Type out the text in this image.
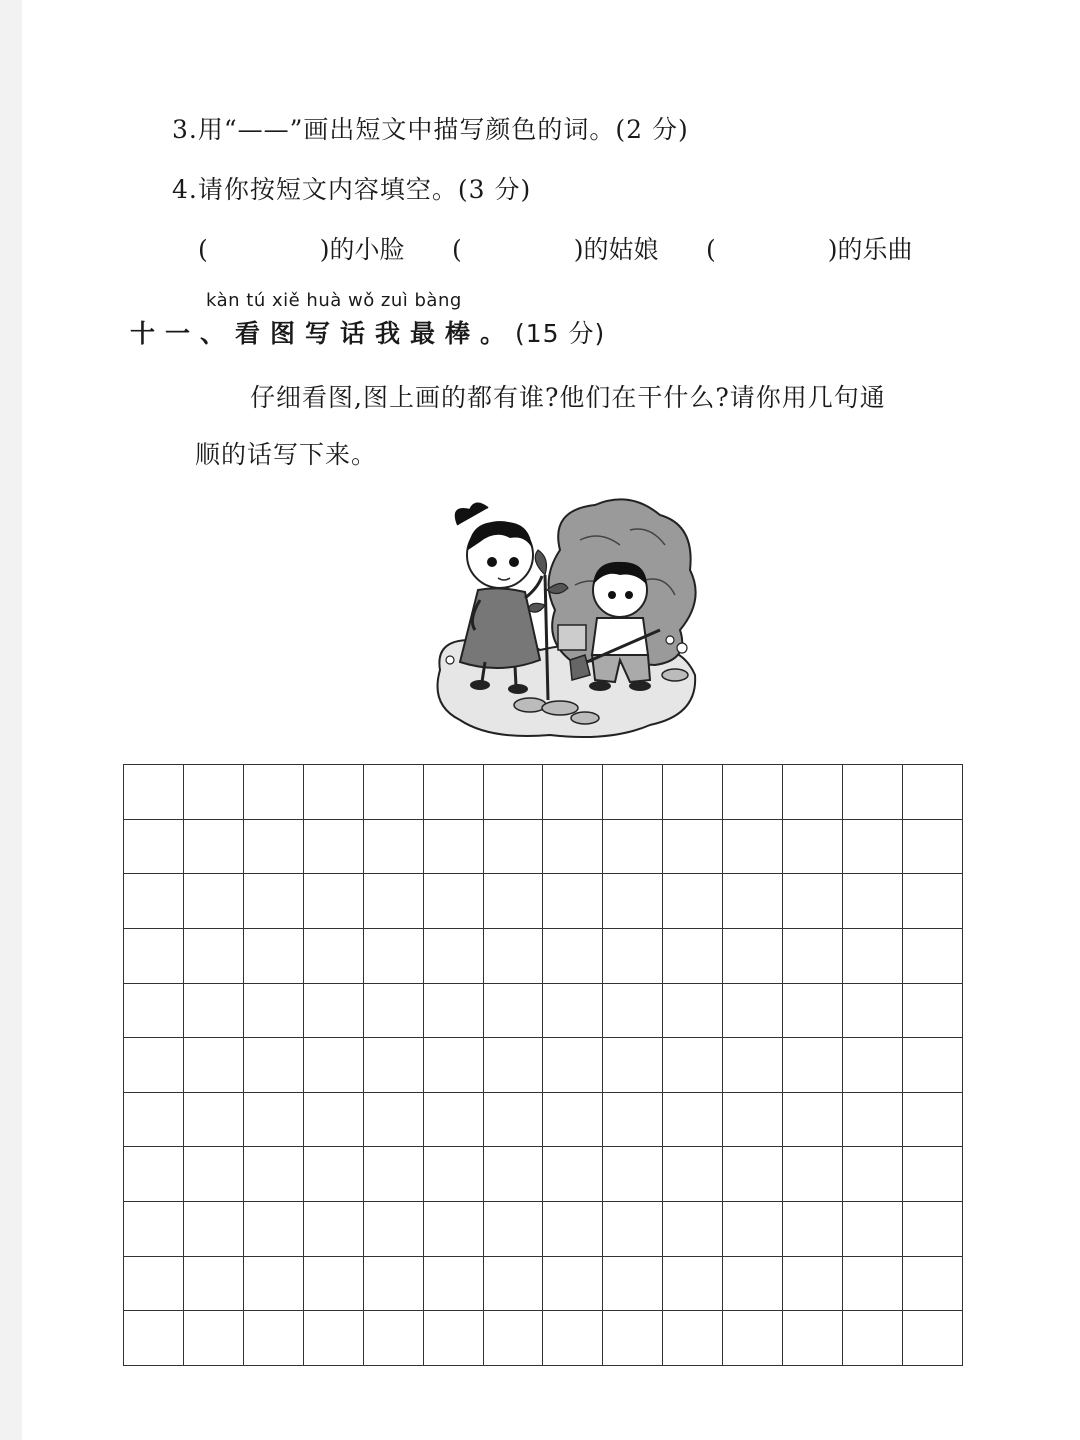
3.用“——”画出短文中描写颜色的词。(2 分)
4.请你按短文内容填空。(3 分)
(	)的小脸 (	)的姑娘 (	)的乐曲
kàn tú xiě huà wǒ zuì bàng
十一、看图写话我最棒。(15 分)
仔细看图,图上画的都有谁?他们在干什么?请你用几句通
顺的话写下来。
